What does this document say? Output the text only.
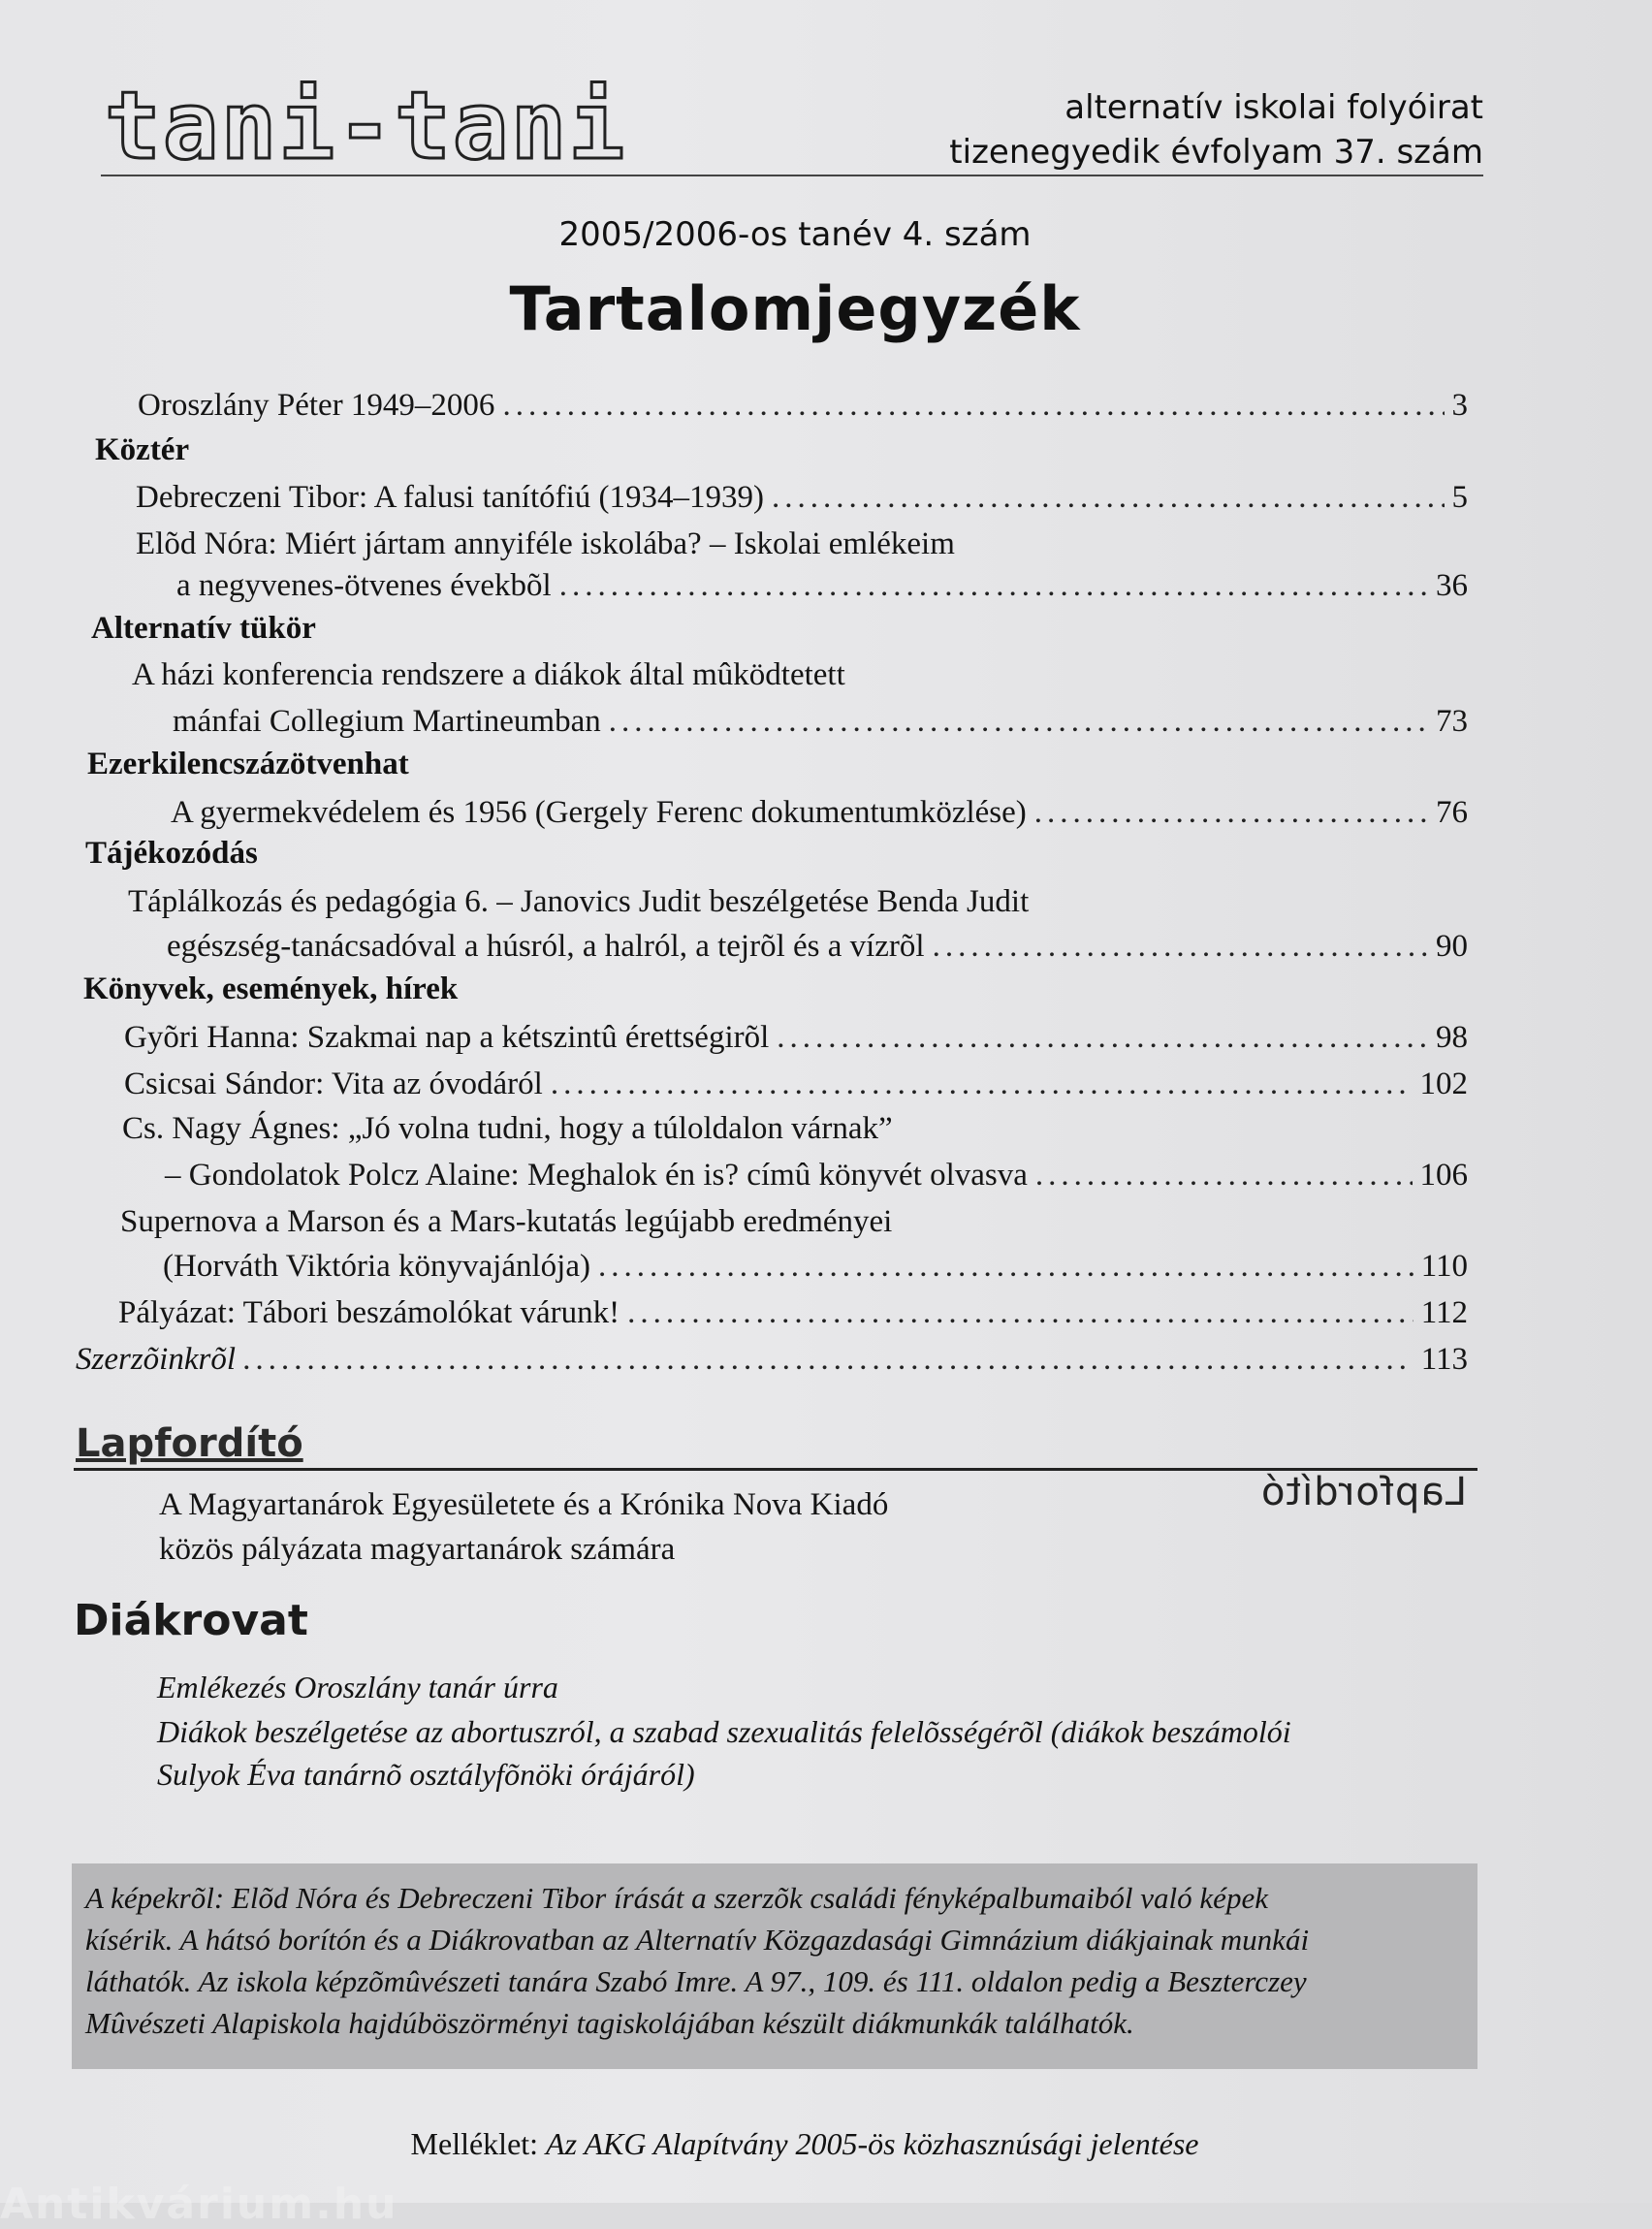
tani-tani	alternatív iskolai folyóirat
tizenegyedik évfolyam 37. szám
2005/2006-os tanév 4. szám
Tartalomjegyzék
Oroszlány Péter 1949–2006 .....	3
Köztér
Debreczeni Tibor: A falusi tanítófiú (1934–1939) .....	5
Elõd Nóra: Miért jártam annyiféle iskolába? – Iskolai emlékeim
a negyvenes-ötvenes évekbõl .....	36
Alternatív tükör
A házi konferencia rendszere a diákok által mûködtetett
mánfai Collegium Martineumban .....	73
Ezerkilencszázötvenhat
A gyermekvédelem és 1956 (Gergely Ferenc dokumentumközlése) .....	76
Tájékozódás
Táplálkozás és pedagógia 6. – Janovics Judit beszélgetése Benda Judit
egészség-tanácsadóval a húsról, a halról, a tejrõl és a vízrõl .....	90
Könyvek, események, hírek
Gyõri Hanna: Szakmai nap a kétszintû érettségirõl .....	98
Csicsai Sándor: Vita az óvodáról .....	102
Cs. Nagy Ágnes: „Jó volna tudni, hogy a túloldalon várnak”
– Gondolatok Polcz Alaine: Meghalok én is? címû könyvét olvasva .....	106
Supernova a Marson és a Mars-kutatás legújabb eredményei
(Horváth Viktória könyvajánlója) .....	110
Pályázat: Tábori beszámolókat várunk! .....	112
Szerzõinkrõl .....	113
Lapfordító
Lapfordító
A Magyartanárok Egyesületete és a Krónika Nova Kiadó
közös pályázata magyartanárok számára
Diákrovat
Emlékezés Oroszlány tanár úrra
Diákok beszélgetése az abortuszról, a szabad szexualitás felelõsségérõl (diákok beszámolói
Sulyok Éva tanárnõ osztályfõnöki órájáról)
A képekrõl: Elõd Nóra és Debreczeni Tibor írását a szerzõk családi fényképalbumaiból való képek
kísérik. A hátsó borítón és a Diákrovatban az Alternatív Közgazdasági Gimnázium diákjainak munkái
láthatók. Az iskola képzõmûvészeti tanára Szabó Imre. A 97., 109. és 111. oldalon pedig a Beszterczey
Mûvészeti Alapiskola hajdúböszörményi tagiskolájában készült diákmunkák találhatók.
Melléklet: Az AKG Alapítvány 2005-ös közhasznúsági jelentése
Antikvárium.hu
